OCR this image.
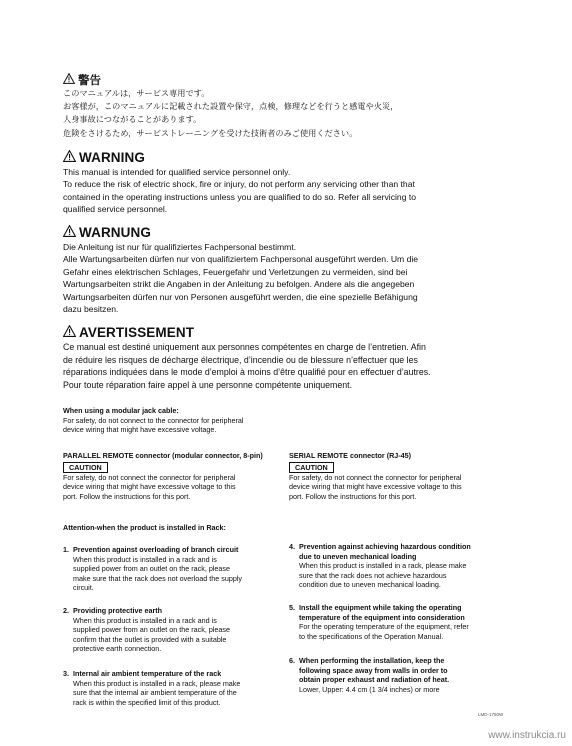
警告
このマニュアルは，サービス専用です。
お客様が，このマニュアルに記載された設置や保守，点検，修理などを行うと感電や火災，
人身事故につながることがあります。
危険をさけるため，サービストレーニングを受けた技術者のみご使用ください。
WARNING
This manual is intended for qualified service personnel only.
To reduce the risk of electric shock, fire or injury, do not perform any servicing other than that
contained in the operating instructions unless you are qualified to do so. Refer all servicing to
qualified service personnel.
WARNUNG
Die Anleitung ist nur für qualifiziertes Fachpersonal bestimmt.
Alle Wartungsarbeiten dürfen nur von qualifiziertem Fachpersonal ausgeführt werden. Um die
Gefahr eines elektrischen Schlages, Feuergefahr und Verletzungen zu vermeiden, sind bei
Wartungsarbeiten strikt die Angaben in der Anleitung zu befolgen. Andere als die angegeben
Wartungsarbeiten dürfen nur von Personen ausgeführt werden, die eine spezielle Befähigung
dazu besitzen.
AVERTISSEMENT
Ce manual est destiné uniquement aux personnes compétentes en charge de l’entretien. Afin
de réduire les risques de décharge électrique, d’incendie ou de blessure n’effectuer que les
réparations indiquées dans le mode d’emploi à moins d’être qualifié pour en effectuer d’autres.
Pour toute réparation faire appel à une personne compétente uniquement.
When using a modular jack cable:
For safety, do not connect to the connector for peripheral
device wiring that might have excessive voltage.
PARALLEL REMOTE connector (modular connector, 8-pin)
CAUTION
For safety, do not connect the connector for peripheral
device wiring that might have excessive voltage to this
port. Follow the instructions for this port.
SERIAL REMOTE connector (RJ-45)
CAUTION
For safety, do not connect the connector for peripheral
device wiring that might have excessive voltage to this
port. Follow the instructions for this port.
Attention-when the product is installed in Rack:
1. Prevention against overloading of branch circuit
When this product is installed in a rack and is
supplied power from an outlet on the rack, please
make sure that the rack does not overload the supply
circuit.
2. Providing protective earth
When this product is installed in a rack and is
supplied power from an outlet on the rack, please
confirm that the outlet is provided with a suitable
protective earth connection.
3. Internal air ambient temperature of the rack
When this product is installed in a rack, please make
sure that the internal air ambient temperature of the
rack is within the specified limit of this product.
4. Prevention against achieving hazardous condition
due to uneven mechanical loading
When this product is installed in a rack, please make
sure that the rack does not achieve hazardous
condition due to uneven mechanical loading.
5. Install the equipment while taking the operating
temperature of the equipment into consideration
For the operating temperature of the equipment, refer
to the specifications of the Operation Manual.
6. When performing the installation, keep the
following space away from walls in order to
obtain proper exhaust and radiation of heat.
Lower, Upper: 4.4 cm (1 3/4 inches) or more
LMD-1750W
www.instrukcia.ru
